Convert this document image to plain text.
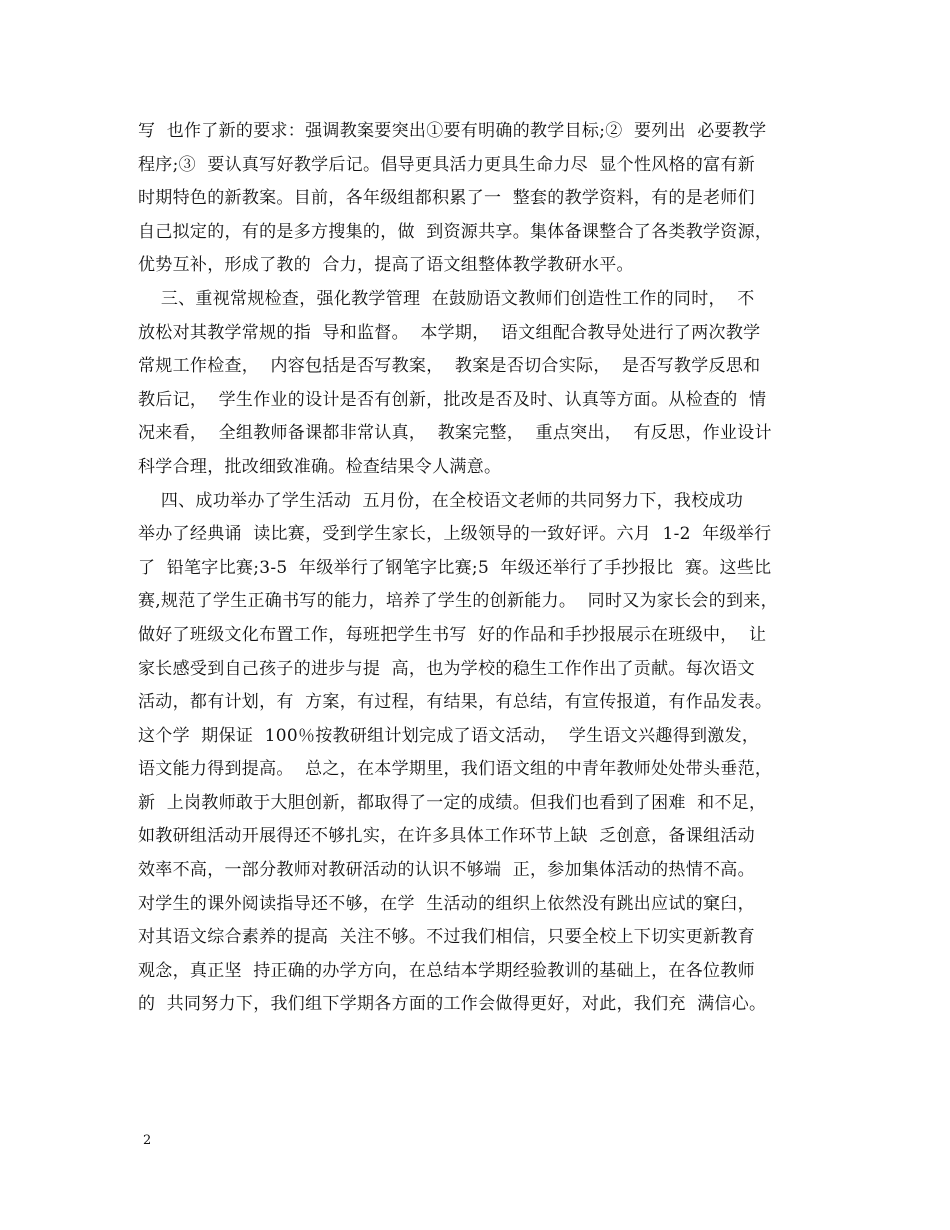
写  也作了新的要求：强调教案要突出①要有明确的教学目标;②  要列出  必要教学
程序;③  要认真写好教学后记。倡导更具活力更具生命力尽  显个性风格的富有新
时期特色的新教案。目前，各年级组都积累了一  整套的教学资料，有的是老师们
自己拟定的，有的是多方搜集的，做  到资源共享。集体备课整合了各类教学资源，
优势互补，形成了教的  合力，提高了语文组整体教学教研水平。
三、重视常规检查，强化教学管理  在鼓励语文教师们创造性工作的同时，  不
放松对其教学常规的指  导和监督。  本学期，  语文组配合教导处进行了两次教学
常规工作检查，  内容包括是否写教案，  教案是否切合实际，  是否写教学反思和
教后记，  学生作业的设计是否有创新，批改是否及时、认真等方面。从检查的  情
况来看，  全组教师备课都非常认真，  教案完整，  重点突出，  有反思，作业设计
科学合理，批改细致准确。检查结果令人满意。
四、成功举办了学生活动  五月份，在全校语文老师的共同努力下，我校成功
举办了经典诵  读比赛，受到学生家长，上级领导的一致好评。六月  1-2  年级举行
了  铅笔字比赛;3-5  年级举行了钢笔字比赛;5  年级还举行了手抄报比  赛。这些比
赛,规范了学生正确书写的能力，培养了学生的创新能力。  同时又为家长会的到来，
做好了班级文化布置工作，每班把学生书写  好的作品和手抄报展示在班级中，  让
家长感受到自己孩子的进步与提  高，也为学校的稳生工作作出了贡献。每次语文
活动，都有计划，有  方案，有过程，有结果，有总结，有宣传报道，有作品发表。
这个学  期保证  100％按教研组计划完成了语文活动，  学生语文兴趣得到激发，
语文能力得到提高。  总之，在本学期里，我们语文组的中青年教师处处带头垂范，
新  上岗教师敢于大胆创新，都取得了一定的成绩。但我们也看到了困难  和不足，
如教研组活动开展得还不够扎实，在许多具体工作环节上缺  乏创意，备课组活动
效率不高，一部分教师对教研活动的认识不够端  正，参加集体活动的热情不高。
对学生的课外阅读指导还不够，在学  生活动的组织上依然没有跳出应试的窠臼，
对其语文综合素养的提高  关注不够。不过我们相信，只要全校上下切实更新教育
观念，真正坚  持正确的办学方向，在总结本学期经验教训的基础上，在各位教师
的  共同努力下，我们组下学期各方面的工作会做得更好，对此，我们充  满信心。
2
